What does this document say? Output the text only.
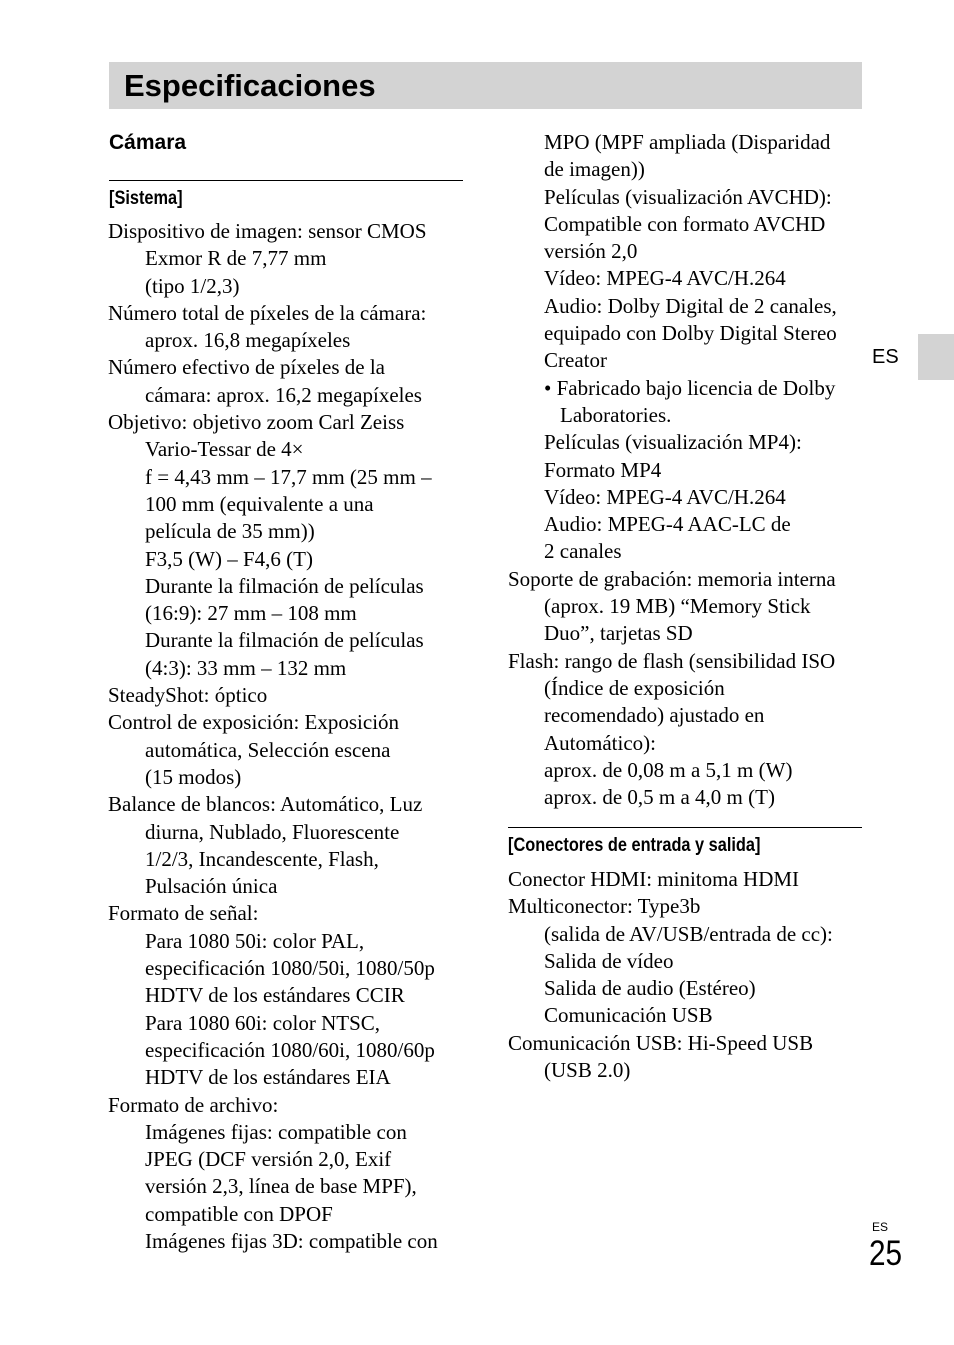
Especificaciones
Cámara
[Sistema]
Dispositivo de imagen: sensor CMOS
Exmor R de 7,77 mm
(tipo 1/2,3)
Número total de píxeles de la cámara:
aprox. 16,8 megapíxeles
Número efectivo de píxeles de la
cámara: aprox. 16,2 megapíxeles
Objetivo: objetivo zoom Carl Zeiss
Vario-Tessar de 4×
f = 4,43 mm – 17,7 mm (25 mm –
100 mm (equivalente a una
película de 35 mm))
F3,5 (W) – F4,6 (T)
Durante la filmación de películas
(16:9): 27 mm – 108 mm
Durante la filmación de películas
(4:3): 33 mm – 132 mm
SteadyShot: óptico
Control de exposición: Exposición
automática, Selección escena
(15 modos)
Balance de blancos: Automático, Luz
diurna, Nublado, Fluorescente
1/2/3, Incandescente, Flash,
Pulsación única
Formato de señal:
Para 1080 50i: color PAL,
especificación 1080/50i, 1080/50p
HDTV de los estándares CCIR
Para 1080 60i: color NTSC,
especificación 1080/60i, 1080/60p
HDTV de los estándares EIA
Formato de archivo:
Imágenes fijas: compatible con
JPEG (DCF versión 2,0, Exif
versión 2,3, línea de base MPF),
compatible con DPOF
Imágenes fijas 3D: compatible con
MPO (MPF ampliada (Disparidad
de imagen))
Películas (visualización AVCHD):
Compatible con formato AVCHD
versión 2,0
Vídeo: MPEG-4 AVC/H.264
Audio: Dolby Digital de 2 canales,
equipado con Dolby Digital Stereo
Creator
• Fabricado bajo licencia de Dolby
Laboratories.
Películas (visualización MP4):
Formato MP4
Vídeo: MPEG-4 AVC/H.264
Audio: MPEG-4 AAC-LC de
2 canales
Soporte de grabación: memoria interna
(aprox. 19 MB) “Memory Stick
Duo”, tarjetas SD
Flash: rango de flash (sensibilidad ISO
(Índice de exposición
recomendado) ajustado en
Automático):
aprox. de 0,08 m a 5,1 m (W)
aprox. de 0,5 m a 4,0 m (T)
[Conectores de entrada y salida]
Conector HDMI: minitoma HDMI
Multiconector: Type3b
(salida de AV/USB/entrada de cc):
Salida de vídeo
Salida de audio (Estéreo)
Comunicación USB
Comunicación USB: Hi-Speed USB
(USB 2.0)
ES
ES
25
